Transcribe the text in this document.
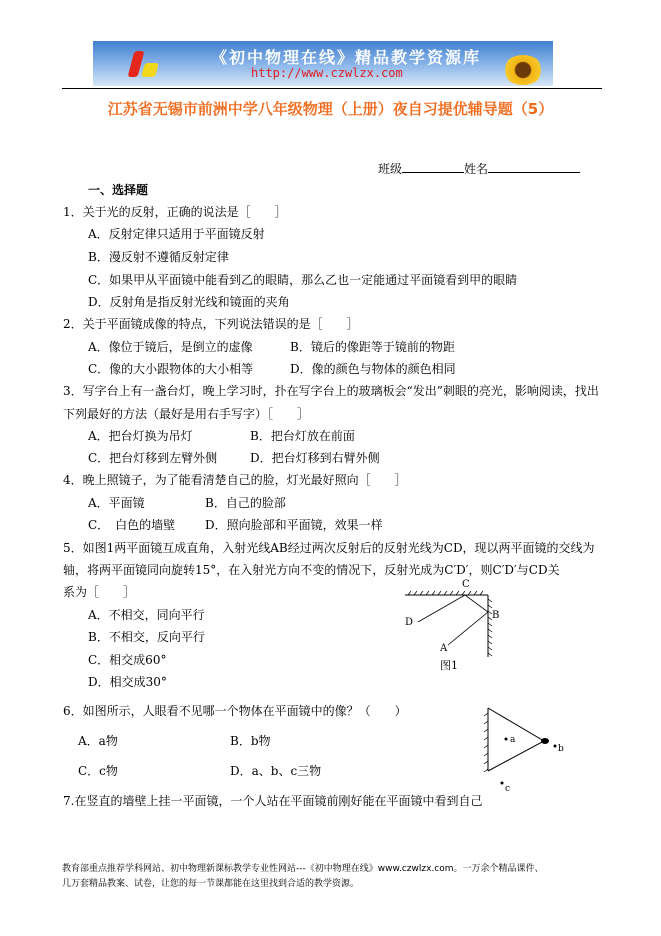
《初中物理在线》精品教学资源库
http://www.czwlzx.com
江苏省无锡市前洲中学八年级物理（上册）夜自习提优辅导题（5）
班级	姓名
一、选择题
1．关于光的反射，正确的说法是［　　］
A．反射定律只适用于平面镜反射
B．漫反射不遵循反射定律
C．如果甲从平面镜中能看到乙的眼睛，那么乙也一定能通过平面镜看到甲的眼睛
D．反射角是指反射光线和镜面的夹角
2．关于平面镜成像的特点，下列说法错误的是［　　］
A．像位于镜后，是倒立的虚像	B．镜后的像距等于镜前的物距
C．像的大小跟物体的大小相等	D．像的颜色与物体的颜色相同
3．写字台上有一盏台灯，晚上学习时，扑在写字台上的玻璃板会“发出”刺眼的亮光，影响阅读，找出
下列最好的方法（最好是用右手写字）［　　］
A．把台灯换为吊灯	B．把台灯放在前面
C．把台灯移到左臂外侧	D．把台灯移到右臂外侧
4．晚上照镜子，为了能看清楚自己的脸，灯光最好照向［　　］
A．平面镜	B．自己的脸部
C．　白色的墙壁 D．照向脸部和平面镜，效果一样
5．如图1两平面镜互成直角，入射光线AB经过两次反射后的反射光线为CD，现以两平面镜的交线为
轴，将两平面镜同向旋转15°，在入射光方向不变的情况下，反射光成为C′D′，则C′D′与CD关
系为［　　］
A．不相交，同向平行
B．不相交，反向平行
C．相交成60°
D．相交成30°
6．如图所示，人眼看不见哪一个物体在平面镜中的像？（　　）
A．a物	B．b物
C．c物	D．a、b、c三物
7.在竖直的墙壁上挂一平面镜，一个人站在平面镜前刚好能在平面镜中看到自己
C
B
D
A
图1
a
b
c
教育部重点推荐学科网站、初中物理新课标教学专业性网站---《初中物理在线》www.czwlzx.com。一万余个精品课件、
几万套精品教案、试卷，让您的每一节课都能在这里找到合适的教学资源。
